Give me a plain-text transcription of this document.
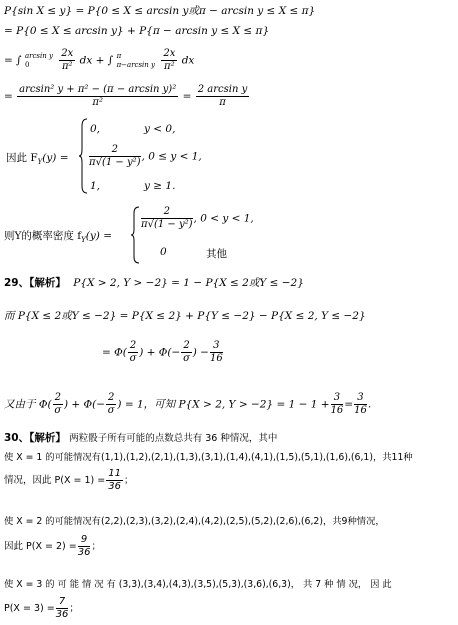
P{sin X ≤ y} = P{0 ≤ X ≤ arcsin y或π − arcsin y ≤ X ≤ π}
= P{0 ≤ X ≤ arcsin y} + P{π − arcsin y ≤ X ≤ π}
= ∫ arcsin y
0
	$\frac{2x}{\text{π²}}$ dx + ∫ π
π−arcsin y
$\frac{2x}{\text{π²}}$ dx
= $\frac{\text{arcsin² y + π² − (π − arcsin y)²}}{\text{π²}} = \frac{\text{2 arcsin y}}{\pi}$
因此 $F_Y(y)$ =
0,	y < 0,
$\frac{2}{\text{π√(1 − y²)}}$ , 0 ≤ y < 1,
1,	y ≥ 1.
则Y的概率密度 $f_Y(y)$ =
$\frac{2}{\text{π√(1 − y²)}}$ , 0 < y < 1,
0	其他
29、【解析】 P{X > 2, Y > −2} = 1 − P{X ≤ 2或Y ≤ −2}
而 P{X ≤ 2或Y ≤ −2} = P{X ≤ 2} + P{Y ≤ −2} − P{X ≤ 2, Y ≤ −2}
= $\Phi( \frac{2}{\sigma}$ ) + $\Phi(- \frac{2}{\sigma}$ ) − $\frac{3}{16}$
又由于 $\Phi( \frac{2}{\sigma}$ ) + $\Phi(- \frac{2}{\sigma}$ ) = 1，可知 P{X > 2, $Y > -2\} = 1 - 1 + \frac{3}{16} = \frac{3}{16}$ .
30、【解析】 两粒骰子所有可能的点数总共有 36 种情况，其中
使 X = 1 的可能情况有(1,1),(1,2),(2,1),(1,3),(3,1),(1,4),(4,1),(1,5),(5,1),(1,6),(6,1)，共11种
情况，因此 $P(X = 1) = \frac{11}{36}$ ；
使 X = 2 的可能情况有(2,2),(2,3),(3,2),(2,4),(4,2),(2,5),(5,2),(2,6),(6,2)，共9种情况，
因此 $P(X = 2) = \frac{9}{36}$ ；
使 X = 3 的 可 能 情 况 有 (3,3),(3,4),(4,3),(3,5),(5,3),(3,6),(6,3)， 共 7 种 情 况， 因 此
$P(X = 3) = \frac{7}{36}$ ；
